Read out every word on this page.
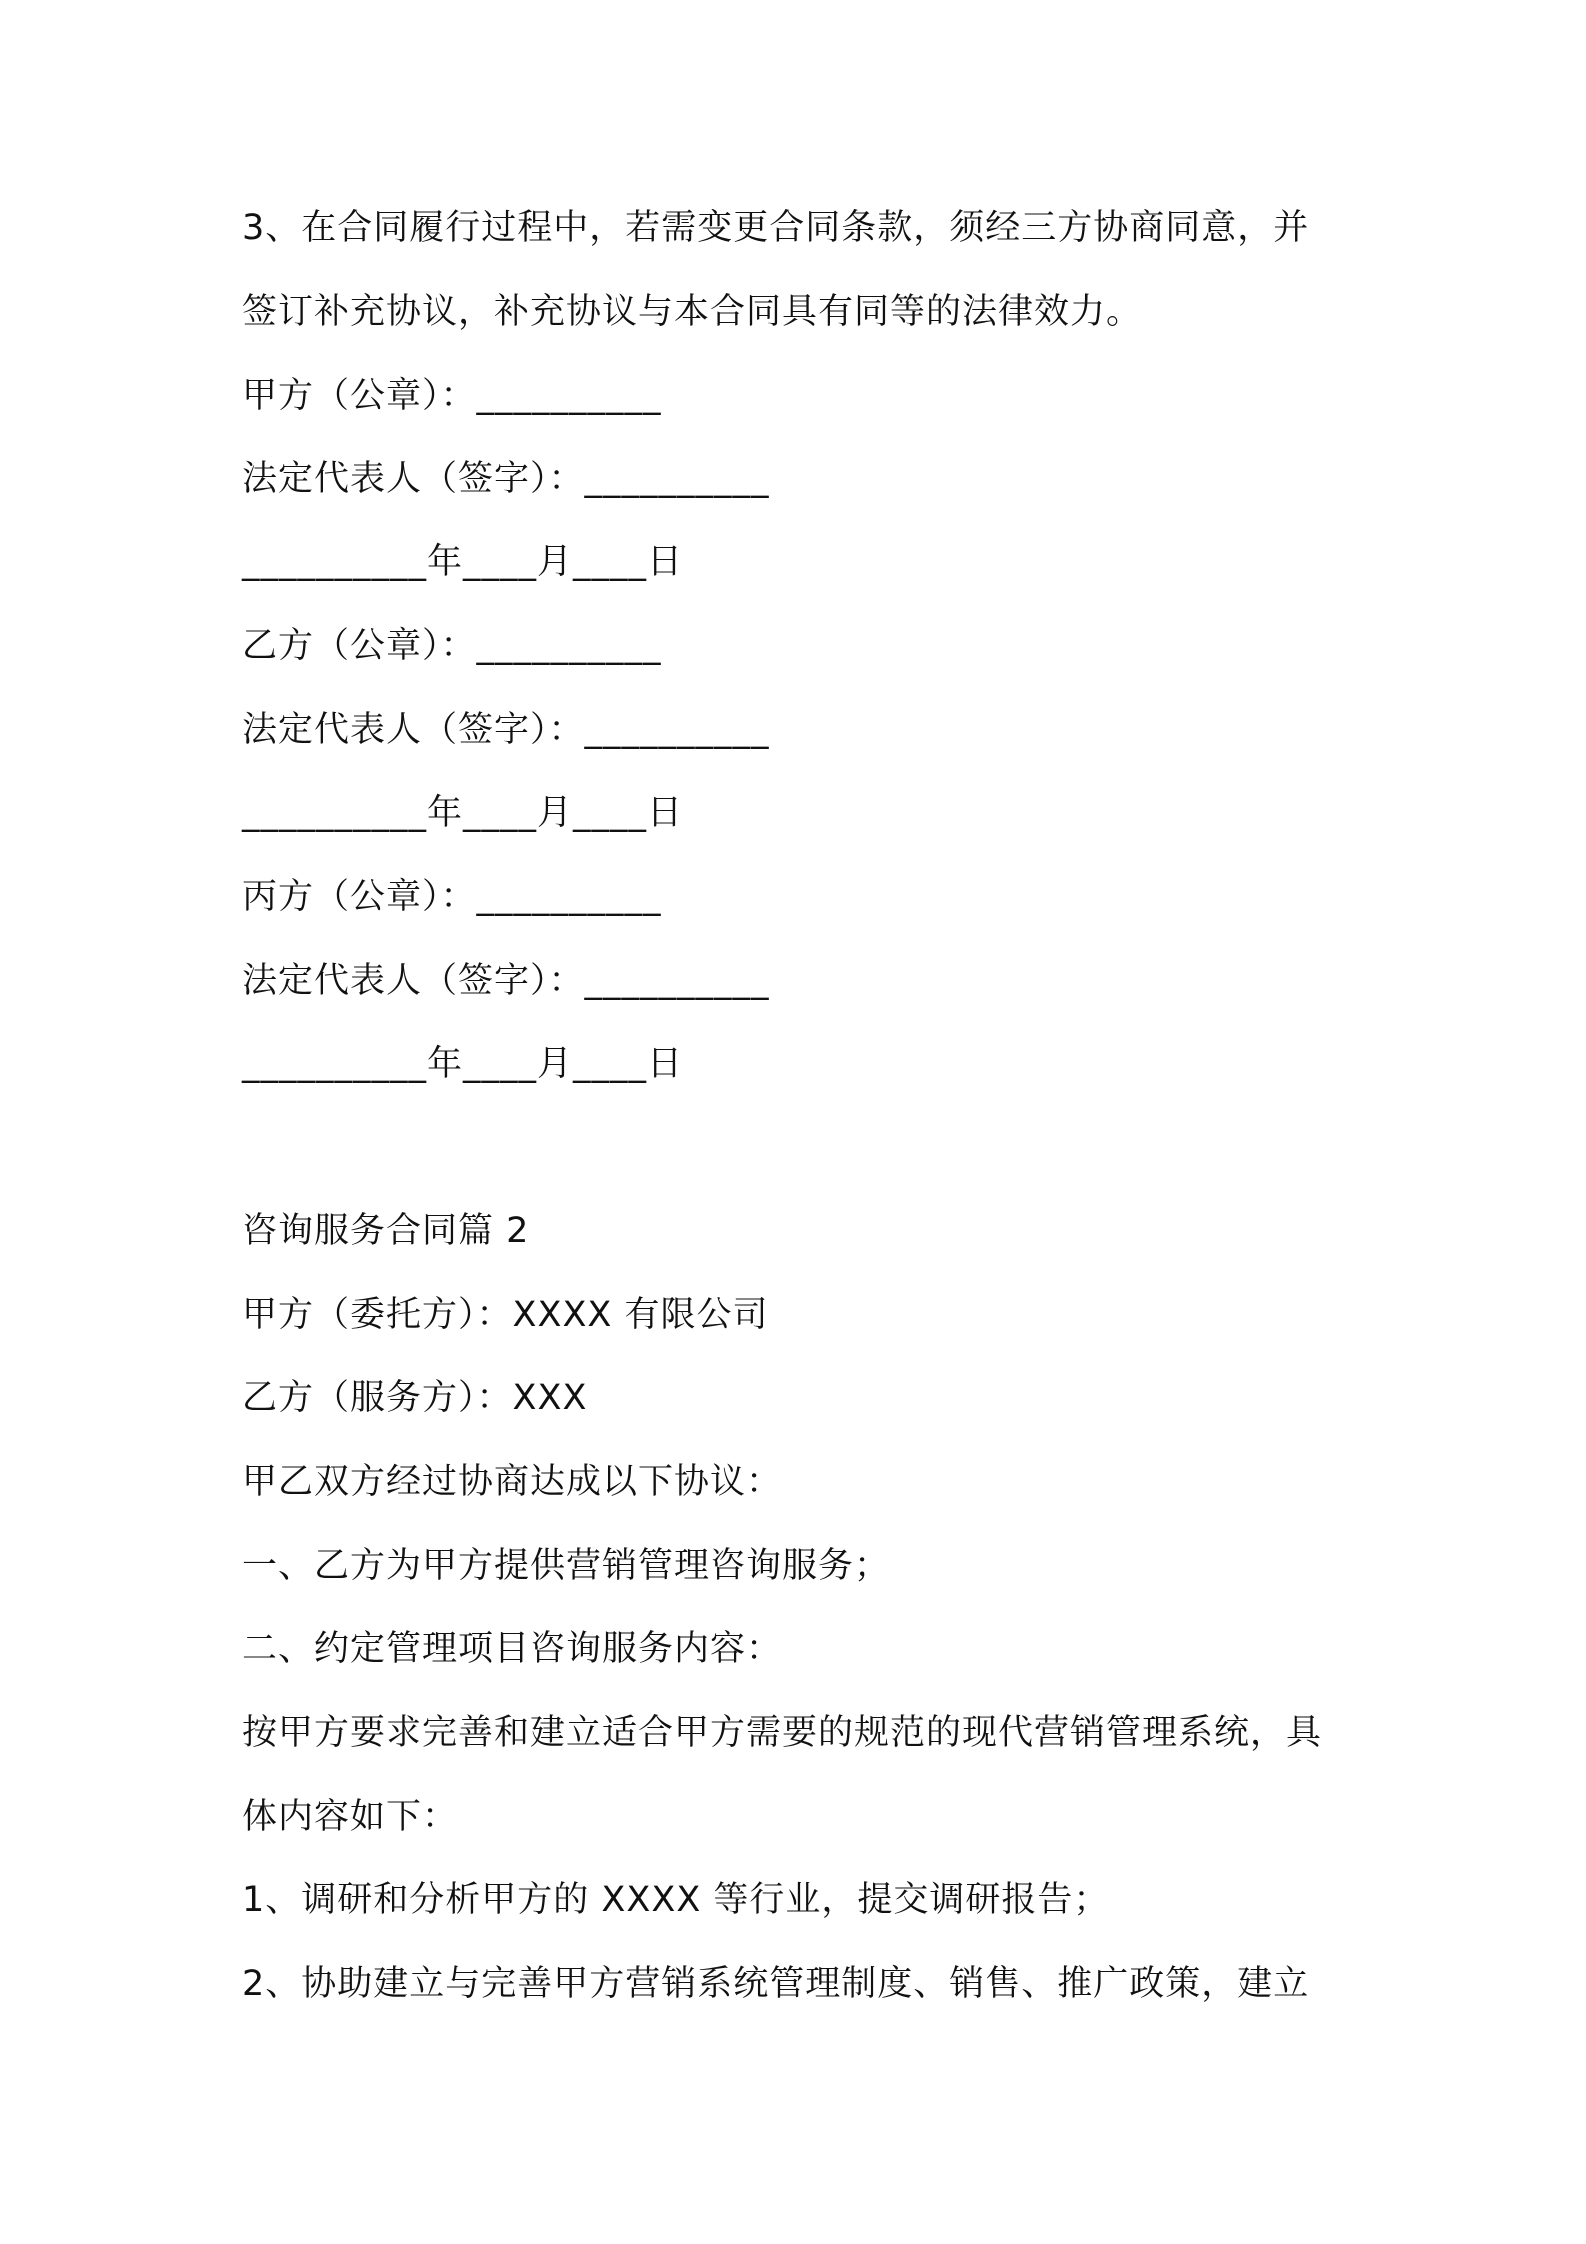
3、在合同履行过程中，若需变更合同条款，须经三方协商同意，并
签订补充协议，补充协议与本合同具有同等的法律效力。
甲方（公章）：__________
法定代表人（签字）：__________
__________年____月____日
乙方（公章）：__________
法定代表人（签字）：__________
__________年____月____日
丙方（公章）：__________
法定代表人（签字）：__________
__________年____月____日
咨询服务合同篇 2
甲方（委托方）：XXXX 有限公司
乙方（服务方）：XXX
甲乙双方经过协商达成以下协议：
一、乙方为甲方提供营销管理咨询服务；
二、约定管理项目咨询服务内容：
按甲方要求完善和建立适合甲方需要的规范的现代营销管理系统，具
体内容如下：
1、调研和分析甲方的 XXXX 等行业，提交调研报告；
2、协助建立与完善甲方营销系统管理制度、销售、推广政策，建立
